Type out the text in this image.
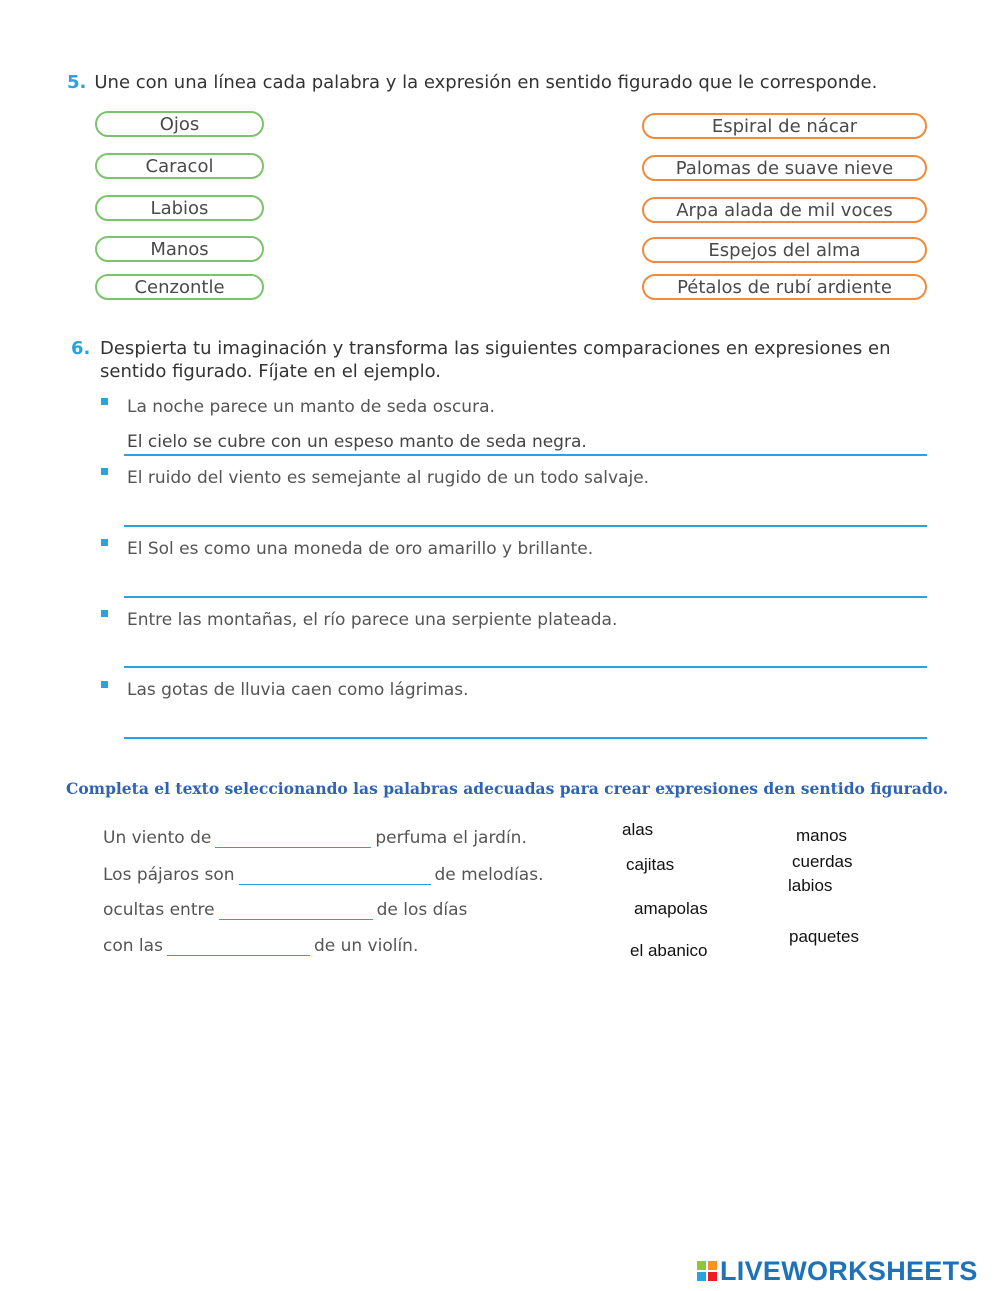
5. Une con una línea cada palabra y la expresión en sentido figurado que le corresponde.
Ojos
Caracol
Labios
Manos
Cenzontle
Espiral de nácar
Palomas de suave nieve
Arpa alada de mil voces
Espejos del alma
Pétalos de rubí ardiente
6. Despierta tu imaginación y transforma las siguientes comparaciones en expresiones en sentido figurado. Fíjate en el ejemplo.
La noche parece un manto de seda oscura.
El cielo se cubre con un espeso manto de seda negra.
El ruido del viento es semejante al rugido de un todo salvaje.
El Sol es como una moneda de oro amarillo y brillante.
Entre las montañas, el río parece una serpiente plateada.
Las gotas de lluvia caen como lágrimas.
Completa el texto seleccionando las palabras adecuadas para crear expresiones den sentido figurado.
Un viento de	perfuma el jardín.
Los pájaros son	de melodías.
ocultas entre	de los días
con las	de un violín.
alas	manos
cajitas	cuerdas
labios
amapolas
paquetes
el abanico
LIVEWORKSHEETS
